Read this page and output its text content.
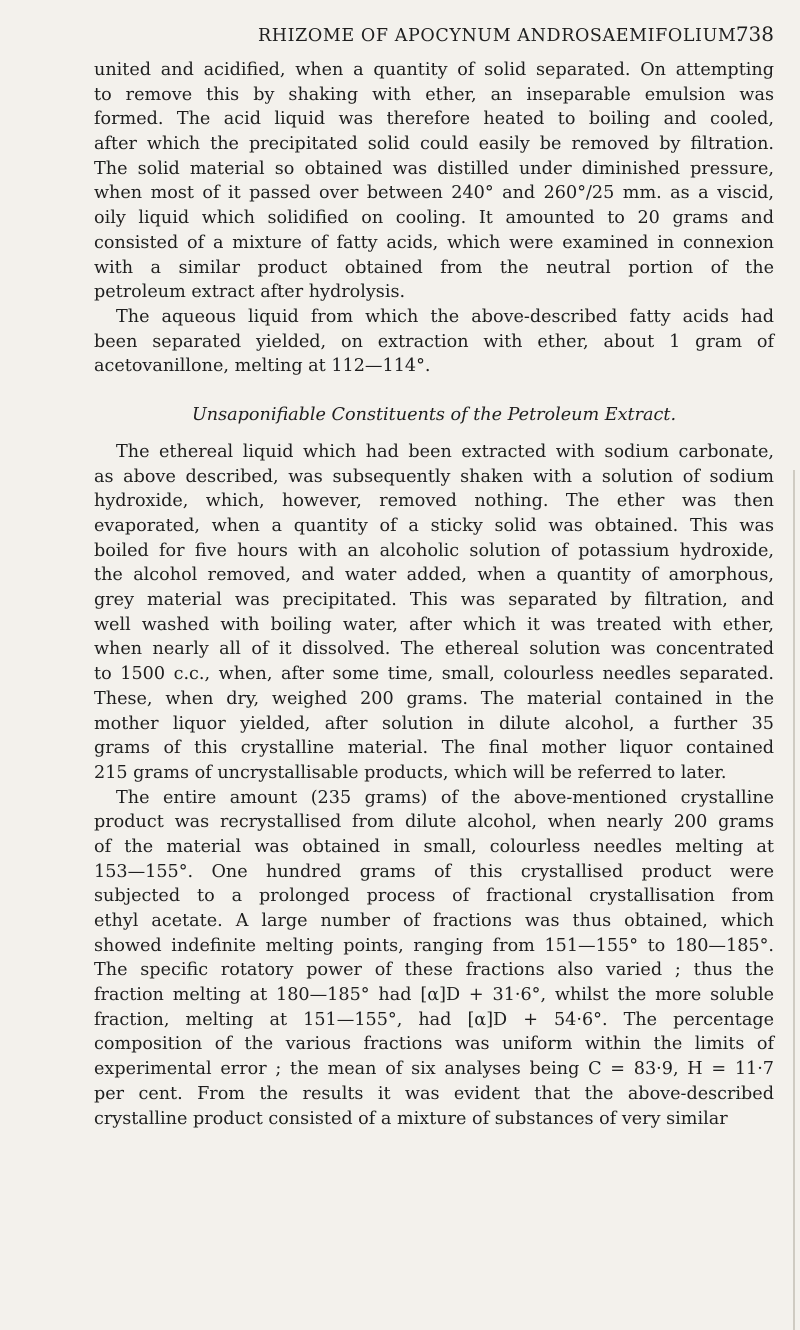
RHIZOME OF APOCYNUM ANDROSAEMIFOLIUM.
738
united and acidified, when a quantity of solid separated. On attempting
to remove this by shaking with ether, an inseparable emulsion was
formed. The acid liquid was therefore heated to boiling and cooled,
after which the precipitated solid could easily be removed by filtration.
The solid material so obtained was distilled under diminished pressure,
when most of it passed over between 240° and 260°/25 mm. as a viscid,
oily liquid which solidified on cooling. It amounted to 20 grams and
consisted of a mixture of fatty acids, which were examined in connexion
with a similar product obtained from the neutral portion of the
petroleum extract after hydrolysis.
The aqueous liquid from which the above-described fatty acids had
been separated yielded, on extraction with ether, about 1 gram of
acetovanillone, melting at 112—114°.
Unsaponifiable Constituents of the Petroleum Extract.
The ethereal liquid which had been extracted with sodium carbonate,
as above described, was subsequently shaken with a solution of sodium
hydroxide, which, however, removed nothing. The ether was then
evaporated, when a quantity of a sticky solid was obtained. This was
boiled for five hours with an alcoholic solution of potassium hydroxide,
the alcohol removed, and water added, when a quantity of amorphous,
grey material was precipitated. This was separated by filtration, and
well washed with boiling water, after which it was treated with ether,
when nearly all of it dissolved. The ethereal solution was concentrated
to 1500 c.c., when, after some time, small, colourless needles separated.
These, when dry, weighed 200 grams. The material contained in the
mother liquor yielded, after solution in dilute alcohol, a further 35
grams of this crystalline material. The final mother liquor contained
215 grams of uncrystallisable products, which will be referred to later.
The entire amount (235 grams) of the above-mentioned crystalline
product was recrystallised from dilute alcohol, when nearly 200 grams
of the material was obtained in small, colourless needles melting at
153—155°. One hundred grams of this crystallised product were
subjected to a prolonged process of fractional crystallisation from
ethyl acetate. A large number of fractions was thus obtained, which
showed indefinite melting points, ranging from 151—155° to 180—185°.
The specific rotatory power of these fractions also varied ; thus the
fraction melting at 180—185° had [α]D + 31·6°, whilst the more soluble
fraction, melting at 151—155°, had [α]D + 54·6°. The percentage
composition of the various fractions was uniform within the limits of
experimental error ; the mean of six analyses being C = 83·9, H = 11·7
per cent. From the results it was evident that the above-described
crystalline product consisted of a mixture of substances of very similar
